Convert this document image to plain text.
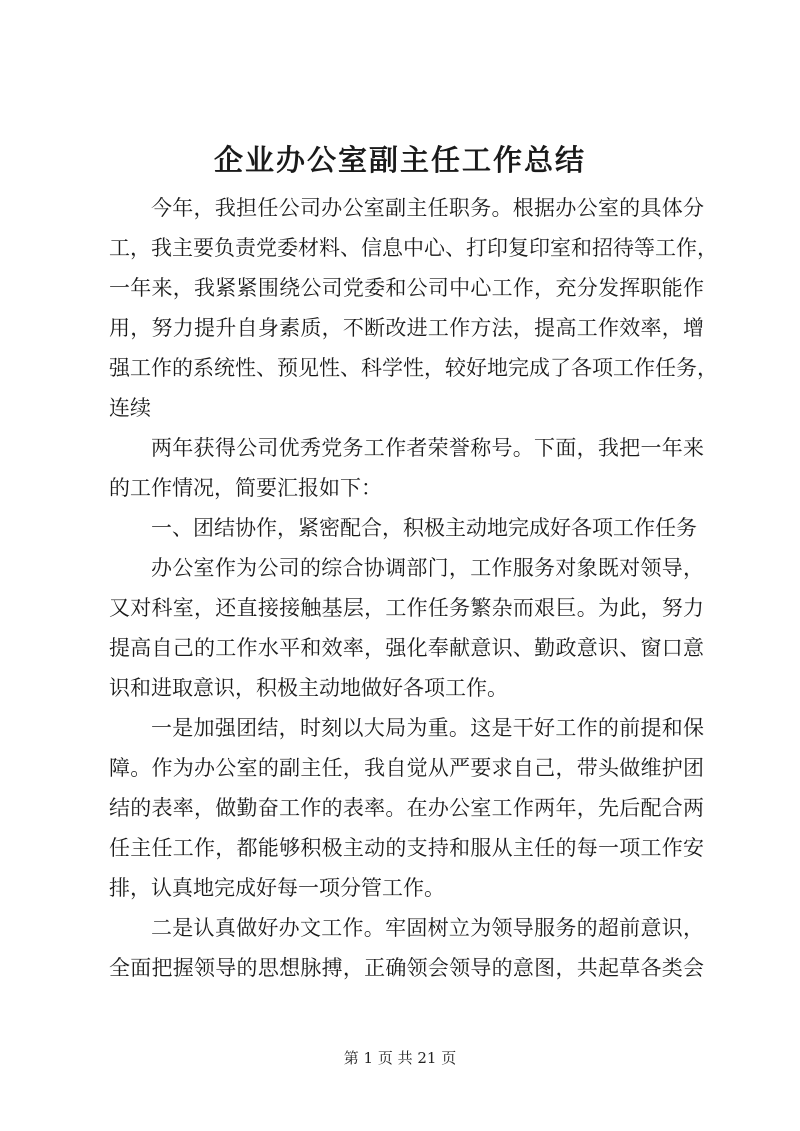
企业办公室副主任工作总结
今年，我担任公司办公室副主任职务。根据办公室的具体分
工，我主要负责党委材料、信息中心、打印复印室和招待等工作，
一年来，我紧紧围绕公司党委和公司中心工作，充分发挥职能作
用，努力提升自身素质，不断改进工作方法，提高工作效率，增
强工作的系统性、预见性、科学性，较好地完成了各项工作任务，
连续
两年获得公司优秀党务工作者荣誉称号。下面，我把一年来
的工作情况，简要汇报如下：
一、团结协作，紧密配合，积极主动地完成好各项工作任务
办公室作为公司的综合协调部门，工作服务对象既对领导，
又对科室，还直接接触基层，工作任务繁杂而艰巨。为此，努力
提高自己的工作水平和效率，强化奉献意识、勤政意识、窗口意
识和进取意识，积极主动地做好各项工作。
一是加强团结，时刻以大局为重。这是干好工作的前提和保
障。作为办公室的副主任，我自觉从严要求自己，带头做维护团
结的表率，做勤奋工作的表率。在办公室工作两年，先后配合两
任主任工作，都能够积极主动的支持和服从主任的每一项工作安
排，认真地完成好每一项分管工作。
二是认真做好办文工作。牢固树立为领导服务的超前意识，
全面把握领导的思想脉搏，正确领会领导的意图，共起草各类会
第 1 页 共 21 页
